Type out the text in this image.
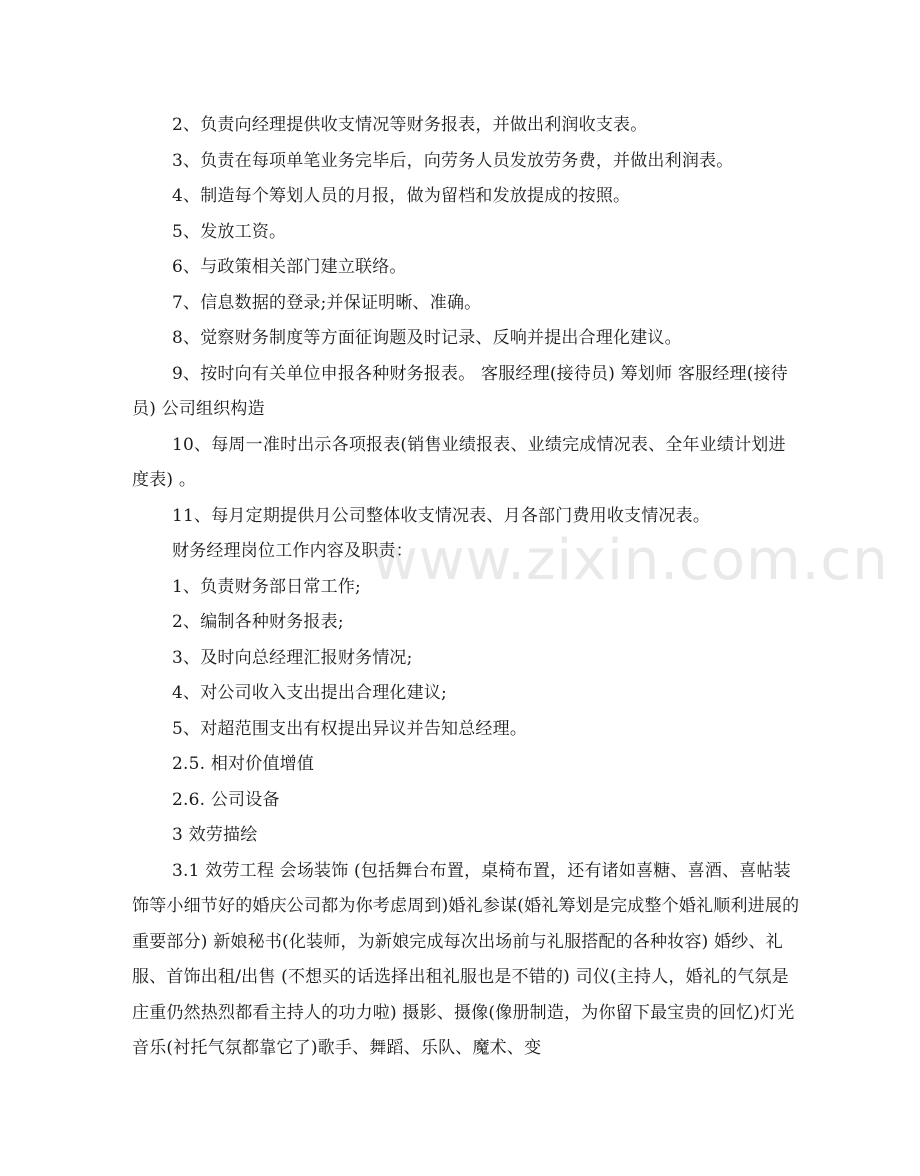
2、负责向经理提供收支情况等财务报表，并做出利润收支表。

3、负责在每项单笔业务完毕后，向劳务人员发放劳务费，并做出利润表。

4、制造每个筹划人员的月报，做为留档和发放提成的按照。

5、发放工资。

6、与政策相关部门建立联络。

7、信息数据的登录;并保证明晰、准确。

8、觉察财务制度等方面征询题及时记录、反响并提出合理化建议。

9、按时向有关单位申报各种财务报表。 客服经理(接待员) 筹划师 客服经理(接待员) 公司组织构造

10、每周一准时出示各项报表(销售业绩报表、业绩完成情况表、全年业绩计划进度表) 。

11、每月定期提供月公司整体收支情况表、月各部门费用收支情况表。

财务经理岗位工作内容及职责：

1、负责财务部日常工作;

2、编制各种财务报表;

3、及时向总经理汇报财务情况;

4、对公司收入支出提出合理化建议;

5、对超范围支出有权提出异议并告知总经理。

2.5. 相对价值增值

2.6. 公司设备

3 效劳描绘

3.1 效劳工程 会场装饰 (包括舞台布置，桌椅布置，还有诸如喜糖、喜酒、喜帖装饰等小细节好的婚庆公司都为你考虑周到)婚礼参谋(婚礼筹划是完成整个婚礼顺利进展的重要部分) 新娘秘书(化装师，为新娘完成每次出场前与礼服搭配的各种妆容) 婚纱、礼服、首饰出租/出售 (不想买的话选择出租礼服也是不错的) 司仪(主持人，婚礼的气氛是庄重仍然热烈都看主持人的功力啦) 摄影、摄像(像册制造，为你留下最宝贵的回忆)灯光音乐(衬托气氛都靠它了)歌手、舞蹈、乐队、魔术、变

www.zixin.com.cn
